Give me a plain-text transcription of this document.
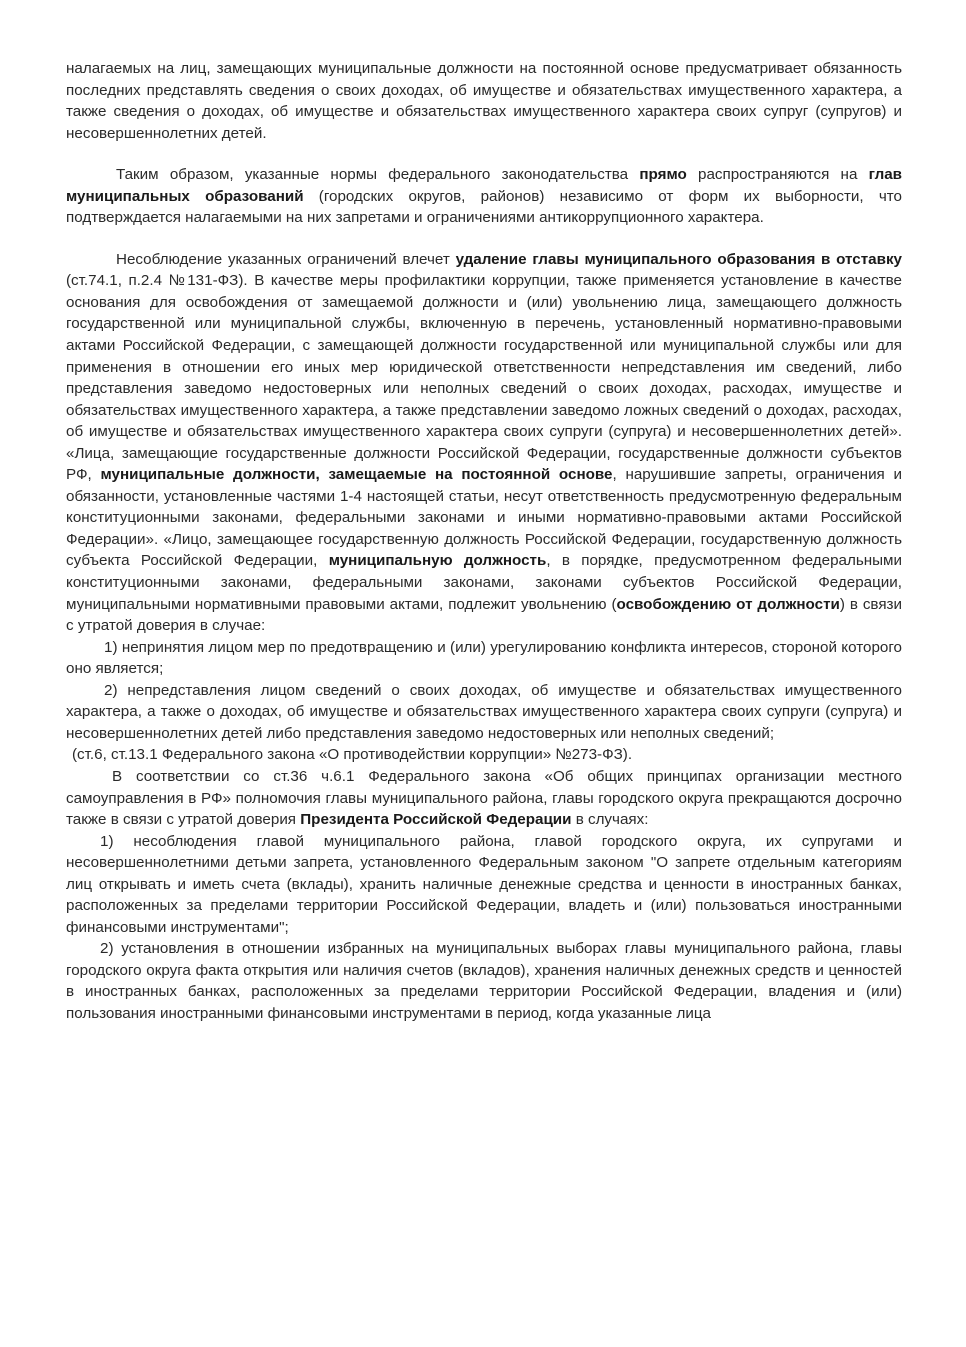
налагаемых на лиц, замещающих муниципальные должности на постоянной основе предусматривает обязанность последних представлять сведения о своих доходах, об имуществе и обязательствах имущественного характера, а также сведения о доходах, об имуществе и обязательствах имущественного характера своих супруг (супругов) и несовершеннолетних детей.

Таким образом, указанные нормы федерального законодательства прямо распространяются на глав муниципальных образований (городских округов, районов) независимо от форм их выборности, что подтверждается налагаемыми на них запретами и ограничениями антикоррупционного характера.

Несоблюдение указанных ограничений влечет удаление главы муниципального образования в отставку (ст.74.1, п.2.4 №131-ФЗ). В качестве меры профилактики коррупции, также применяется установление в качестве основания для освобождения от замещаемой должности и (или) увольнению лица, замещающего должность государственной или муниципальной службы, включенную в перечень, установленный нормативно-правовыми актами Российской Федерации, с замещающей должности государственной или муниципальной службы или для применения в отношении его иных мер юридической ответственности непредставления им сведений, либо представления заведомо недостоверных или неполных сведений о своих доходах, расходах, имуществе и обязательствах имущественного характера, а также представлении заведомо ложных сведений о доходах, расходах, об имуществе и обязательствах имущественного характера своих супруги (супруга) и несовершеннолетних детей». «Лица, замещающие государственные должности Российской Федерации, государственные должности субъектов РФ, муниципальные должности, замещаемые на постоянной основе, нарушившие запреты, ограничения и обязанности, установленные частями 1-4 настоящей статьи, несут ответственность предусмотренную федеральным конституционными законами, федеральными законами и иными нормативно-правовыми актами Российской Федерации». «Лицо, замещающее государственную должность Российской Федерации, государственную должность субъекта Российской Федерации, муниципальную должность, в порядке, предусмотренном федеральными конституционными законами, федеральными законами, законами субъектов Российской Федерации, муниципальными нормативными правовыми актами, подлежит увольнению (освобождению от должности) в связи с утратой доверия в случае:

1) непринятия лицом мер по предотвращению и (или) урегулированию конфликта интересов, стороной которого оно является;

2) непредставления лицом сведений о своих доходах, об имуществе и обязательствах имущественного характера, а также о доходах, об имуществе и обязательствах имущественного характера своих супруги (супруга) и несовершеннолетних детей либо представления заведомо недостоверных или неполных сведений;

(ст.6, ст.13.1 Федерального закона «О противодействии коррупции» №273-ФЗ).

В соответствии со ст.36 ч.6.1 Федерального закона «Об общих принципах организации местного самоуправления в РФ» полномочия главы муниципального района, главы городского округа прекращаются досрочно также в связи с утратой доверия Президента Российской Федерации в случаях:

1) несоблюдения главой муниципального района, главой городского округа, их супругами и несовершеннолетними детьми запрета, установленного Федеральным законом "О запрете отдельным категориям лиц открывать и иметь счета (вклады), хранить наличные денежные средства и ценности в иностранных банках, расположенных за пределами территории Российской Федерации, владеть и (или) пользоваться иностранными финансовыми инструментами";

2) установления в отношении избранных на муниципальных выборах главы муниципального района, главы городского округа факта открытия или наличия счетов (вкладов), хранения наличных денежных средств и ценностей в иностранных банках, расположенных за пределами территории Российской Федерации, владения и (или) пользования иностранными финансовыми инструментами в период, когда указанные лица
